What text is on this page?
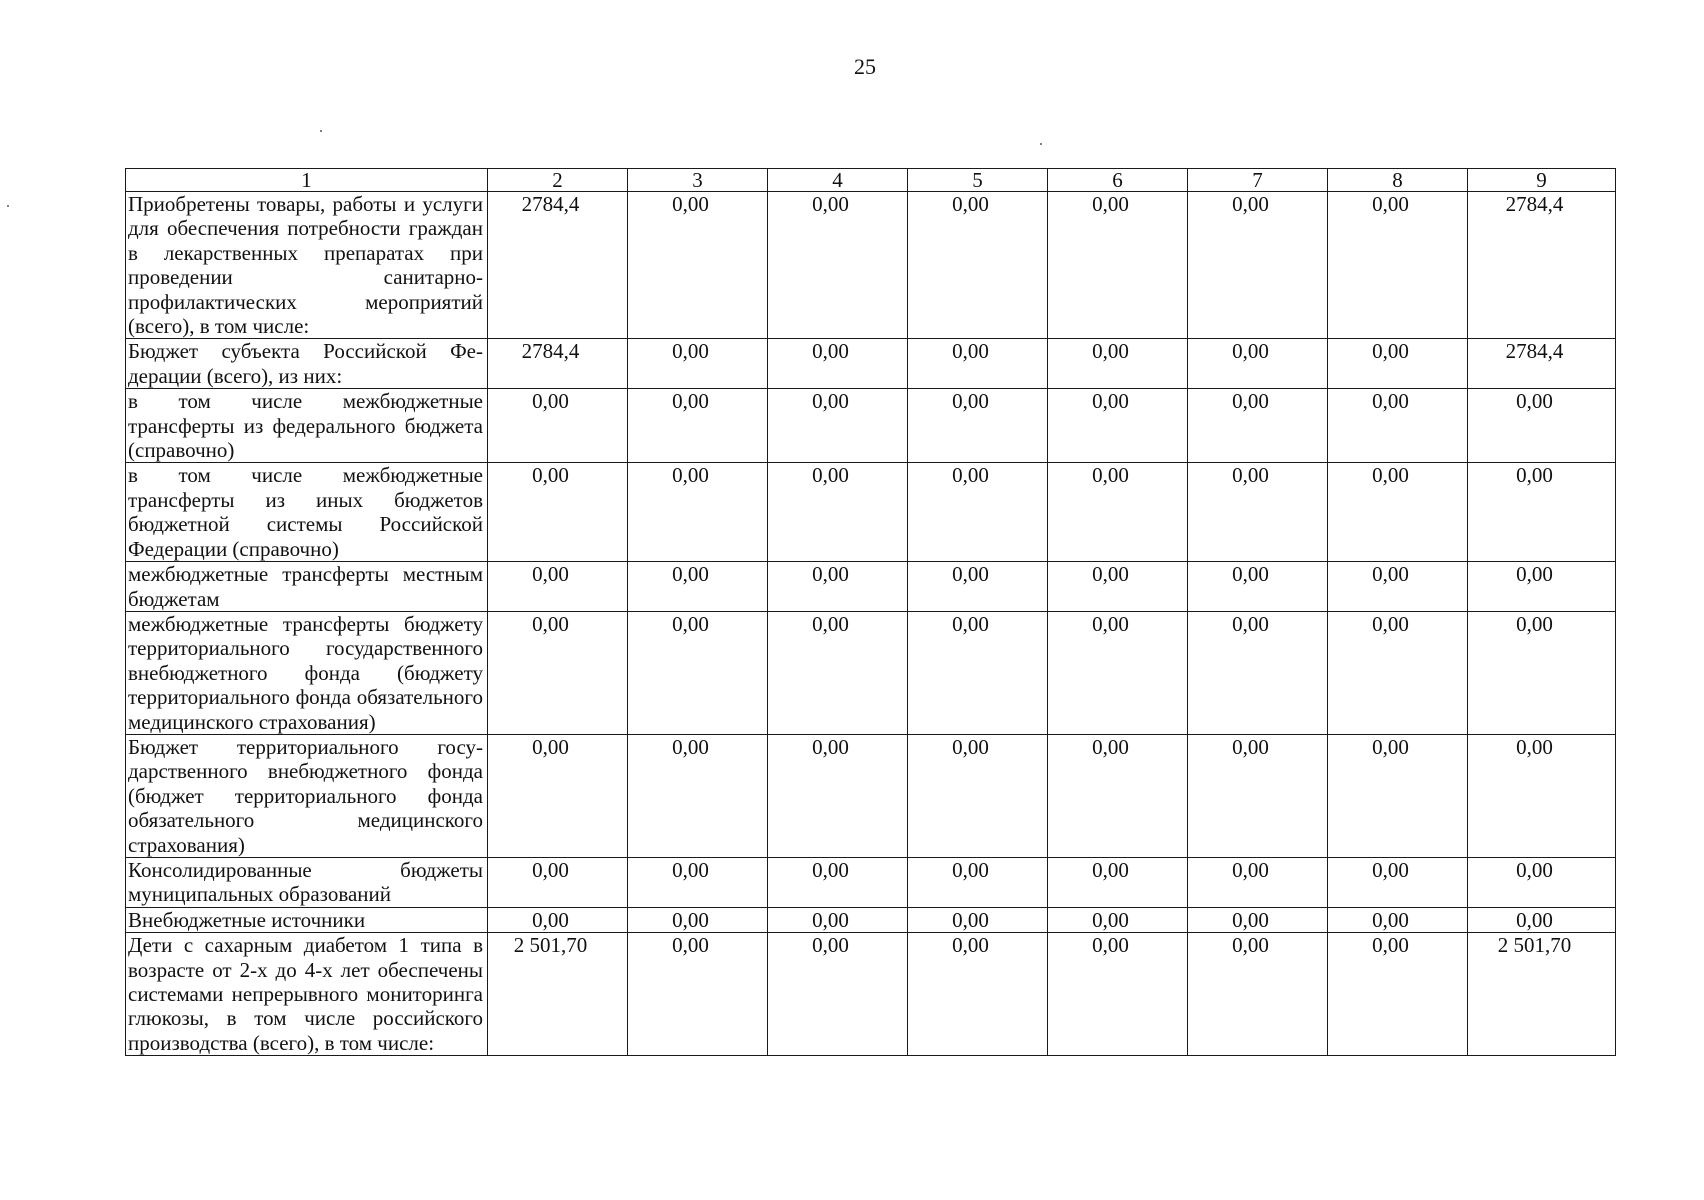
25
1	2	3	4	5	6	7	8	9
Приобретены товары, работы и услуги для обеспечения потребности граждан в лекарственных препаратах при проведении санитарно-профилактических мероприятий (всего), в том числе:	2784,4	0,00	0,00	0,00	0,00	0,00	0,00	2784,4
Бюджет субъекта Российской Федерации (всего), из них:	2784,4	0,00	0,00	0,00	0,00	0,00	0,00	2784,4
в том числе межбюджетные трансферты из федерального бюджета (справочно)	0,00	0,00	0,00	0,00	0,00	0,00	0,00	0,00
в том числе межбюджетные трансферты из иных бюджетов бюджетной системы Российской Федерации (справочно)	0,00	0,00	0,00	0,00	0,00	0,00	0,00	0,00
межбюджетные трансферты местным бюджетам	0,00	0,00	0,00	0,00	0,00	0,00	0,00	0,00
межбюджетные трансферты бюджету территориального государственного внебюджетного фонда (бюджету территориального фонда обязательного медицинского страхования)	0,00	0,00	0,00	0,00	0,00	0,00	0,00	0,00
Бюджет территориального государственного внебюджетного фонда (бюджет территориального фонда обязательного медицинского страхования)	0,00	0,00	0,00	0,00	0,00	0,00	0,00	0,00
Консолидированные бюджеты муниципальных образований	0,00	0,00	0,00	0,00	0,00	0,00	0,00	0,00
Внебюджетные источники	0,00	0,00	0,00	0,00	0,00	0,00	0,00	0,00
Дети с сахарным диабетом 1 типа в возрасте от 2-х до 4-х лет обеспечены системами непрерывного мониторинга глюкозы, в том числе российского производства (всего), в том числе:	2 501,70	0,00	0,00	0,00	0,00	0,00	0,00	2 501,70
